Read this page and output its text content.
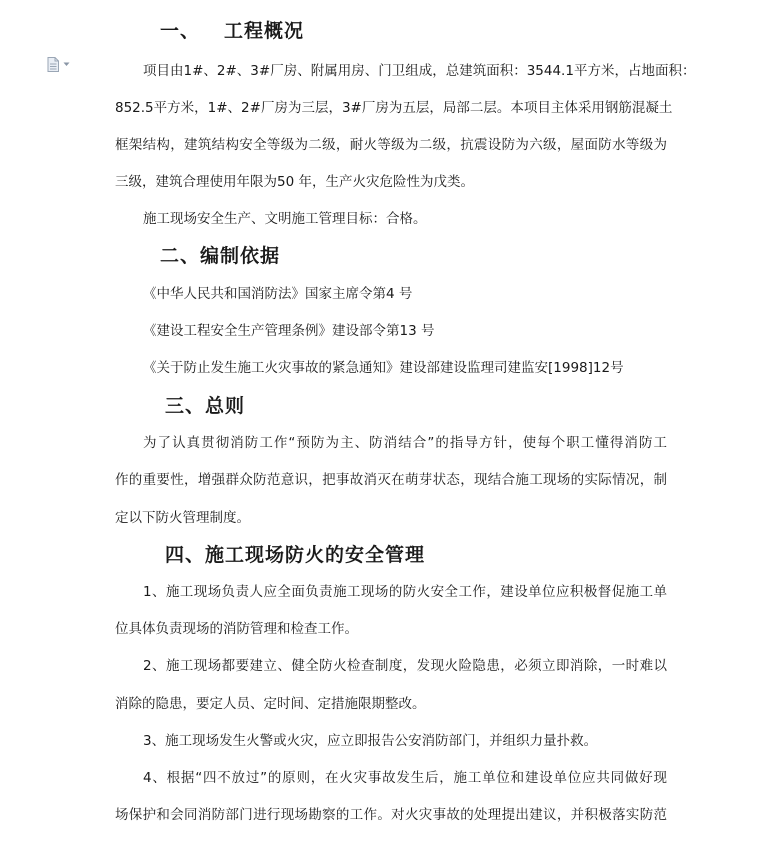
一、 工程概况
项目由1#、2#、3#厂房、附属用房、门卫组成，总建筑面积：3544.1平方米，占地面积：
852.5平方米，1#、2#厂房为三层，3#厂房为五层，局部二层。本项目主体采用钢筋混凝土
框架结构，建筑结构安全等级为二级，耐火等级为二级，抗震设防为六级，屋面防水等级为
三级，建筑合理使用年限为50 年，生产火灾危险性为戊类。
施工现场安全生产、文明施工管理目标：合格。
二、编制依据
《中华人民共和国消防法》国家主席令第4 号
《建设工程安全生产管理条例》建设部令第13 号
《关于防止发生施工火灾事故的紧急通知》建设部建设监理司建监安[1998]12号
三、总则
为了认真贯彻消防工作“预防为主、防消结合”的指导方针，使每个职工懂得消防工
作的重要性，增强群众防范意识，把事故消灭在萌芽状态，现结合施工现场的实际情况，制
定以下防火管理制度。
四、施工现场防火的安全管理
1、施工现场负责人应全面负责施工现场的防火安全工作，建设单位应积极督促施工单
位具体负责现场的消防管理和检查工作。
2、施工现场都要建立、健全防火检查制度，发现火险隐患，必须立即消除，一时难以
消除的隐患，要定人员、定时间、定措施限期整改。
3、施工现场发生火警或火灾，应立即报告公安消防部门，并组织力量扑救。
4、根据“四不放过”的原则，在火灾事故发生后，施工单位和建设单位应共同做好现
场保护和会同消防部门进行现场勘察的工作。对火灾事故的处理提出建议，并积极落实防范
